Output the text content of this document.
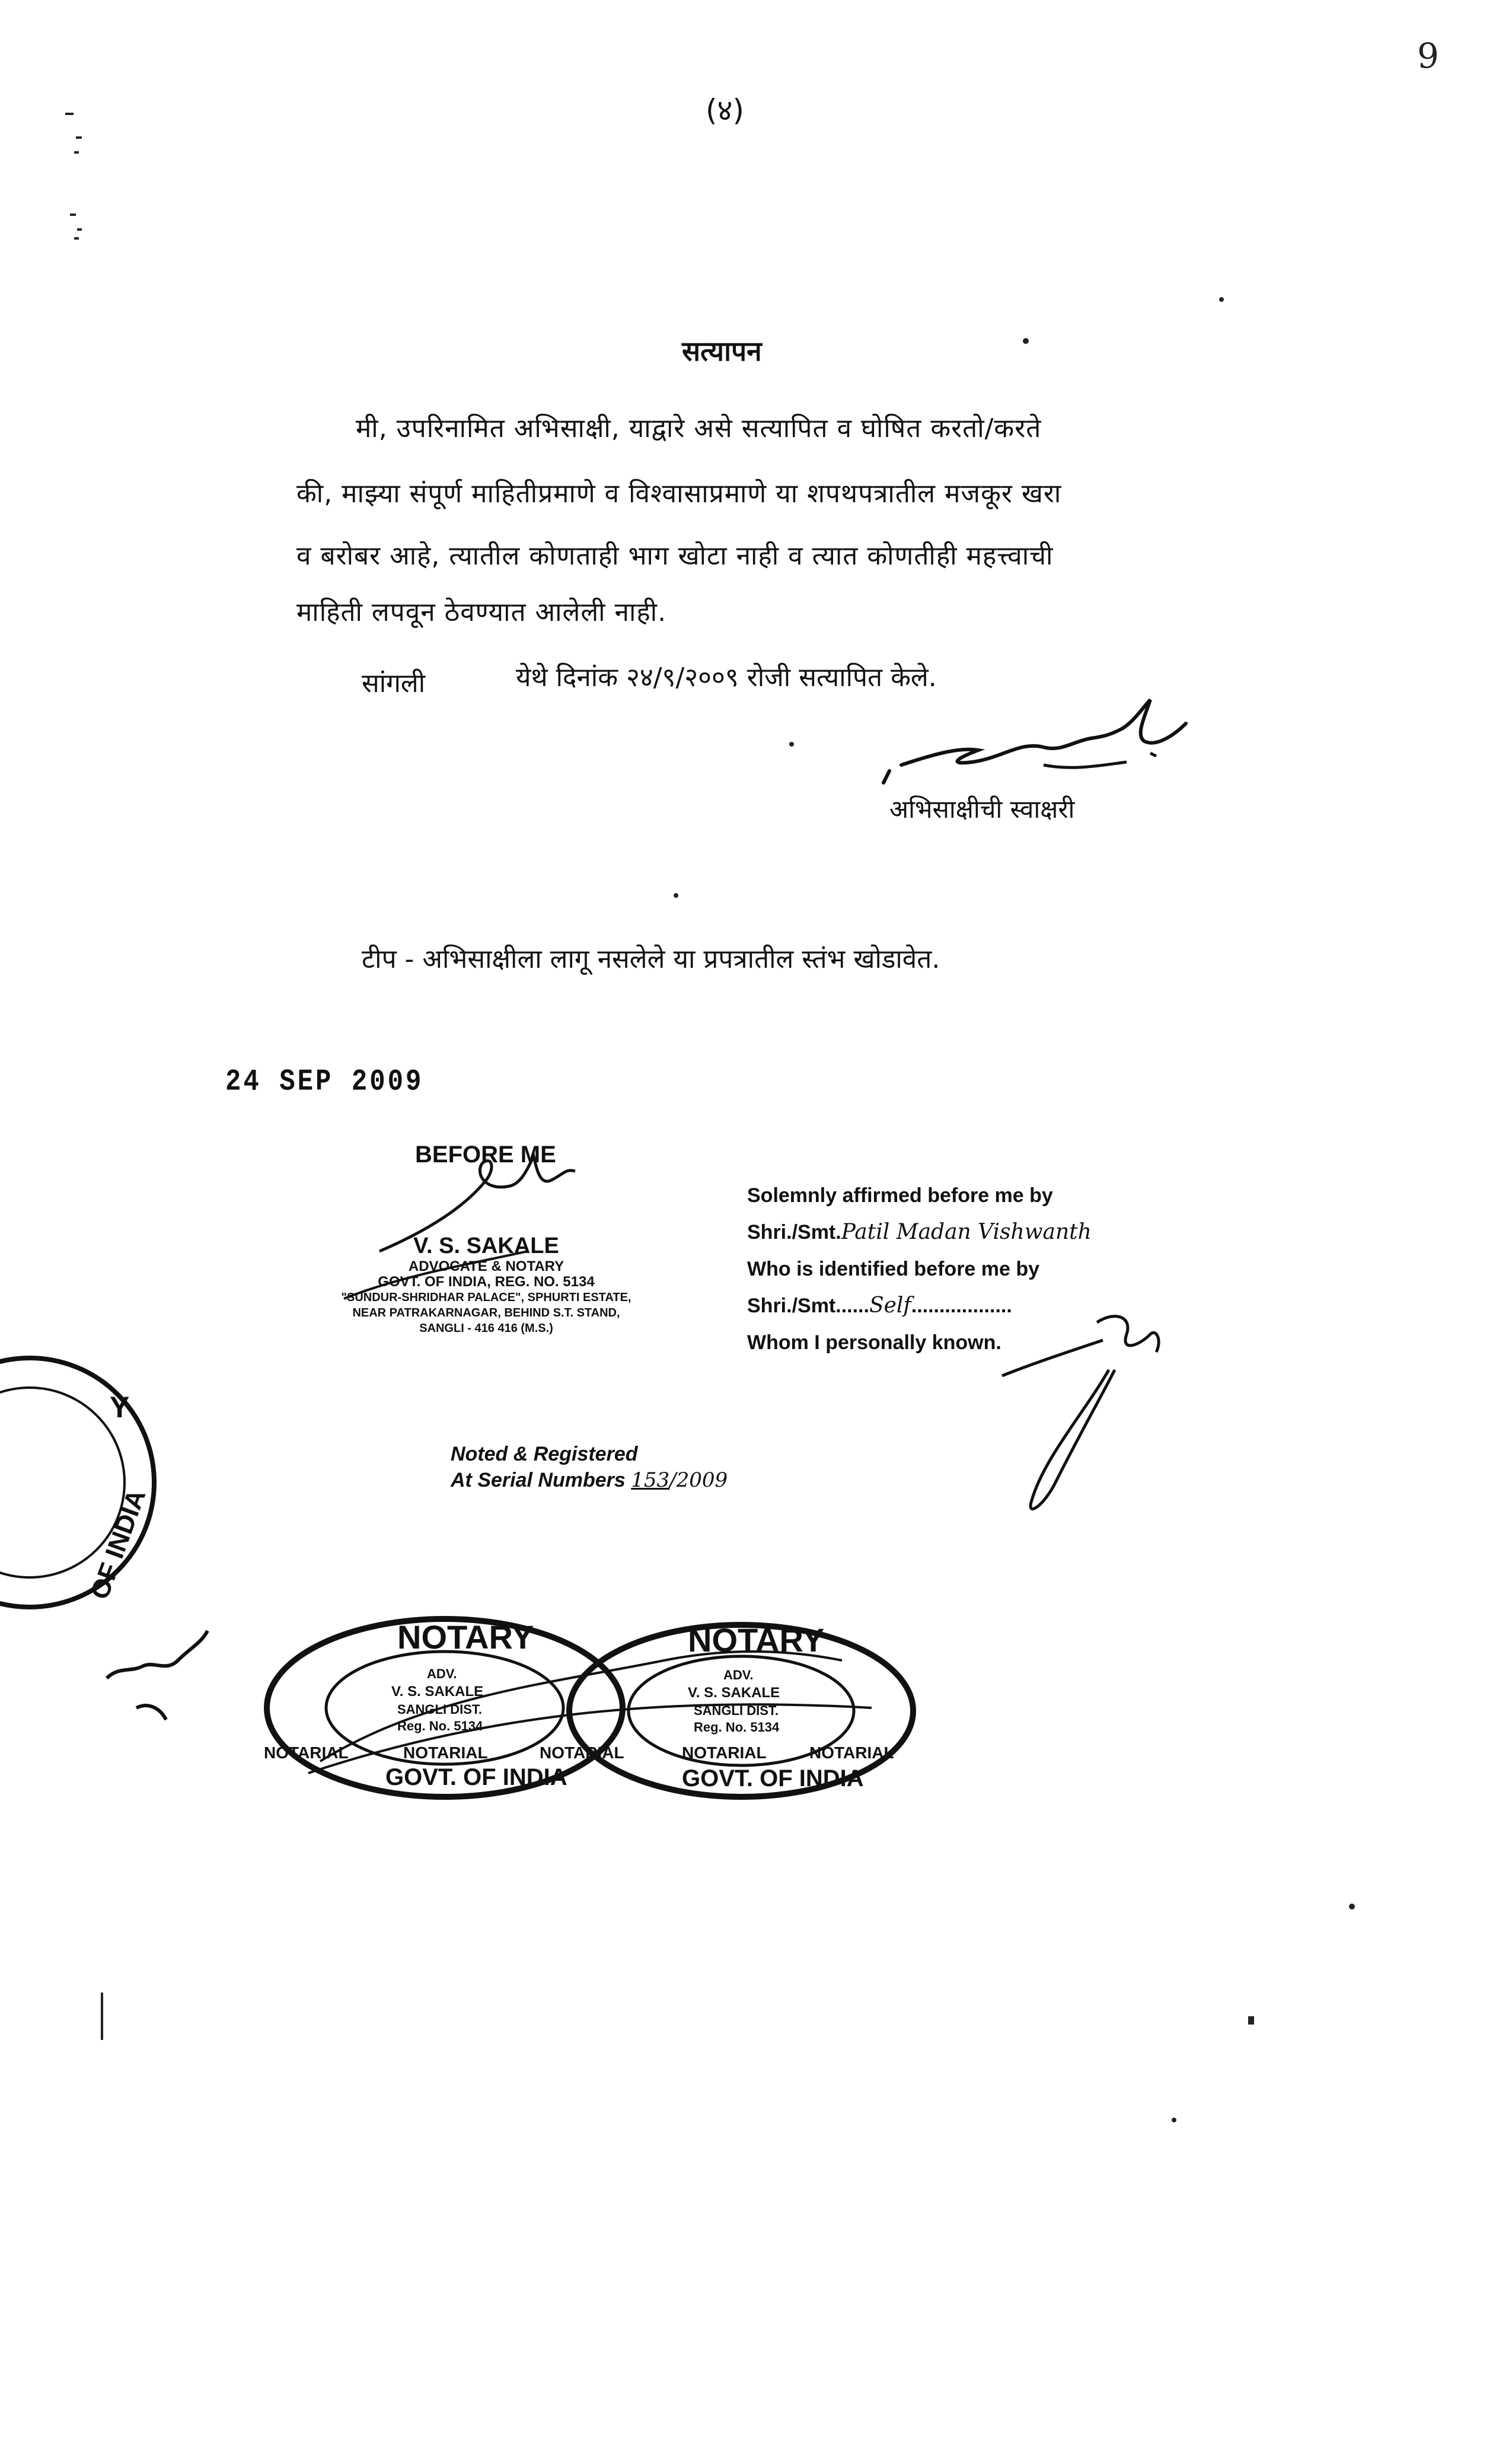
9
(४)
सत्यापन
मी, उपरिनामित अभिसाक्षी, याद्वारे असे सत्यापित व घोषित करतो/करते
की, माझ्या संपूर्ण माहितीप्रमाणे व विश्वासाप्रमाणे या शपथपत्रातील मजकूर खरा
व बरोबर आहे, त्यातील कोणताही भाग खोटा नाही व त्यात कोणतीही महत्त्वाची
माहिती लपवून ठेवण्यात आलेली नाही.
सांगली	येथे दिनांक २४/९/२००९ रोजी सत्यापित केले.
अभिसाक्षीची स्वाक्षरी
टीप - अभिसाक्षीला लागू नसलेले या प्रपत्रातील स्तंभ खोडावेत.
24 SEP 2009
BEFORE ME
V. S. SAKALE
ADVOCATE & NOTARY
GOVT. OF INDIA, REG. NO. 5134
"SUNDUR-SHRIDHAR PALACE", SPHURTI ESTATE,
NEAR PATRAKARNAGAR, BEHIND S.T. STAND,
SANGLI - 416 416 (M.S.)
Solemnly affirmed before me by
Shri./Smt.Patil Madan Vishwanth
Who is identified before me by
Shri./Smt......Self..................
Whom I personally known.
Y
OF INDIA
Noted & Registered
At Serial Numbers 153/2009
NOTARY
ADV.
V. S. SAKALE
SANGLI DIST.
Reg. No. 5134
GOVT. OF INDIA
NOTARY
ADV.
V. S. SAKALE
SANGLI DIST.
Reg. No. 5134
GOVT. OF INDIA
NOTARIAL	NOTARIAL	NOTARIAL	NOTARIAL	NOTARIAL
